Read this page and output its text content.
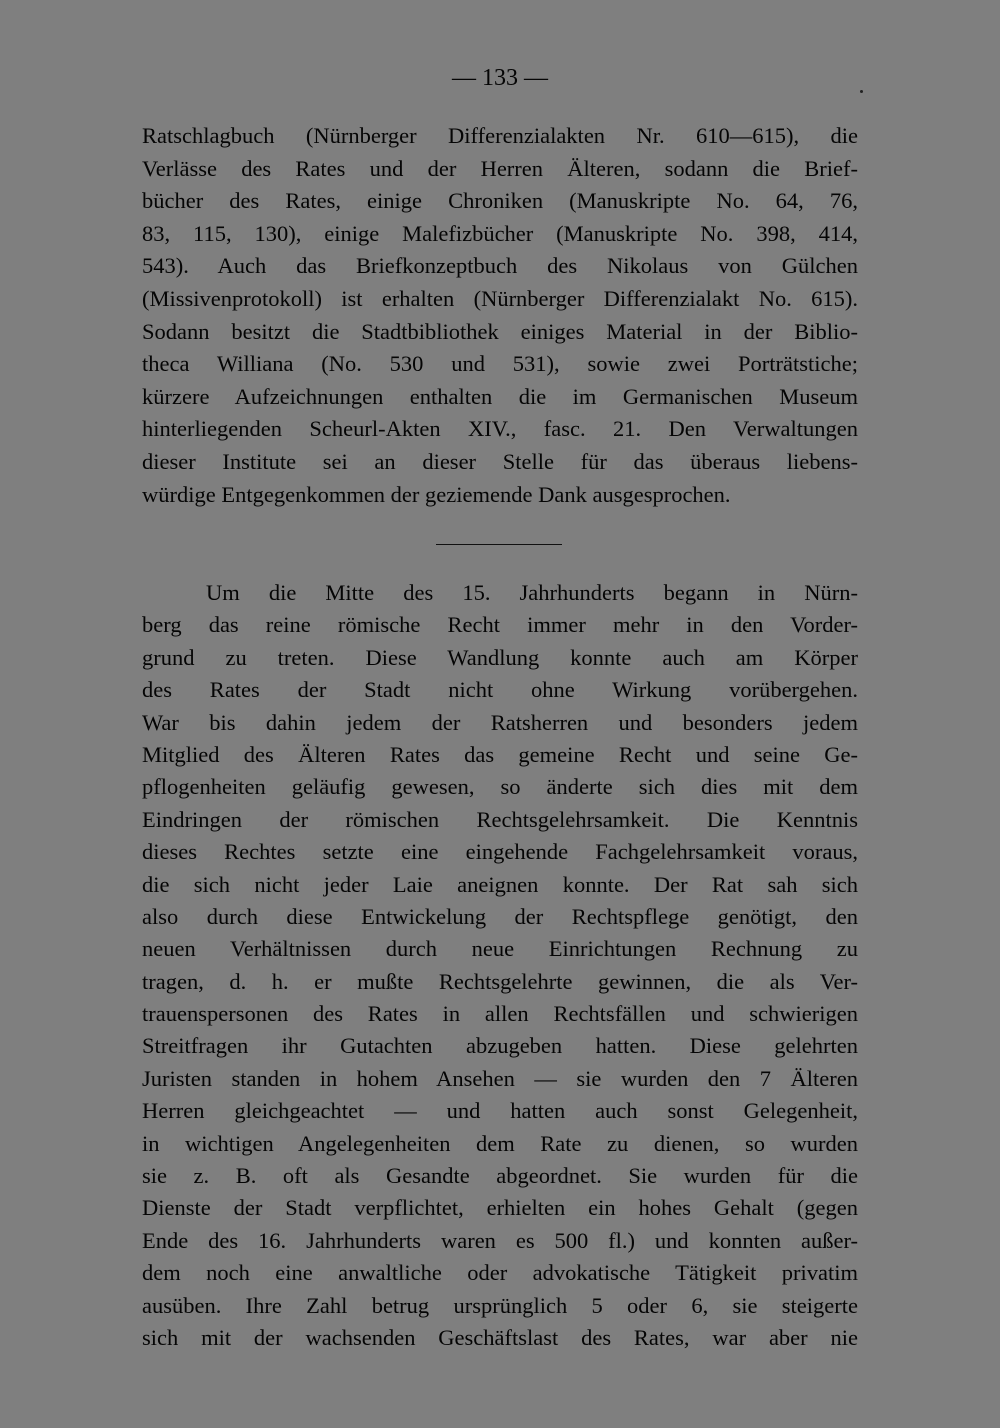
— 133 —
Ratschlagbuch (Nürnberger Differenzialakten Nr. 610—615), die
Verlässe des Rates und der Herren Älteren, sodann die Brief-
bücher des Rates, einige Chroniken (Manuskripte No. 64, 76,
83, 115, 130), einige Malefizbücher (Manuskripte No. 398, 414,
543). Auch das Briefkonzeptbuch des Nikolaus von Gülchen
(Missivenprotokoll) ist erhalten (Nürnberger Differenzialakt No. 615).
Sodann besitzt die Stadtbibliothek einiges Material in der Biblio-
theca Williana (No. 530 und 531), sowie zwei Porträtstiche;
kürzere Aufzeichnungen enthalten die im Germanischen Museum
hinterliegenden Scheurl-Akten XIV., fasc. 21. Den Verwaltungen
dieser Institute sei an dieser Stelle für das überaus liebens-
würdige Entgegenkommen der geziemende Dank ausgesprochen.
Um die Mitte des 15. Jahrhunderts begann in Nürn-
berg das reine römische Recht immer mehr in den Vorder-
grund zu treten. Diese Wandlung konnte auch am Körper
des Rates der Stadt nicht ohne Wirkung vorübergehen.
War bis dahin jedem der Ratsherren und besonders jedem
Mitglied des Älteren Rates das gemeine Recht und seine Ge-
pflogenheiten geläufig gewesen, so änderte sich dies mit dem
Eindringen der römischen Rechtsgelehrsamkeit. Die Kenntnis
dieses Rechtes setzte eine eingehende Fachgelehrsamkeit voraus,
die sich nicht jeder Laie aneignen konnte. Der Rat sah sich
also durch diese Entwickelung der Rechtspflege genötigt, den
neuen Verhältnissen durch neue Einrichtungen Rechnung zu
tragen, d. h. er mußte Rechtsgelehrte gewinnen, die als Ver-
trauenspersonen des Rates in allen Rechtsfällen und schwierigen
Streitfragen ihr Gutachten abzugeben hatten. Diese gelehrten
Juristen standen in hohem Ansehen — sie wurden den 7 Älteren
Herren gleichgeachtet — und hatten auch sonst Gelegenheit,
in wichtigen Angelegenheiten dem Rate zu dienen, so wurden
sie z. B. oft als Gesandte abgeordnet. Sie wurden für die
Dienste der Stadt verpflichtet, erhielten ein hohes Gehalt (gegen
Ende des 16. Jahrhunderts waren es 500 fl.) und konnten außer-
dem noch eine anwaltliche oder advokatische Tätigkeit privatim
ausüben. Ihre Zahl betrug ursprünglich 5 oder 6, sie steigerte
sich mit der wachsenden Geschäftslast des Rates, war aber nie
